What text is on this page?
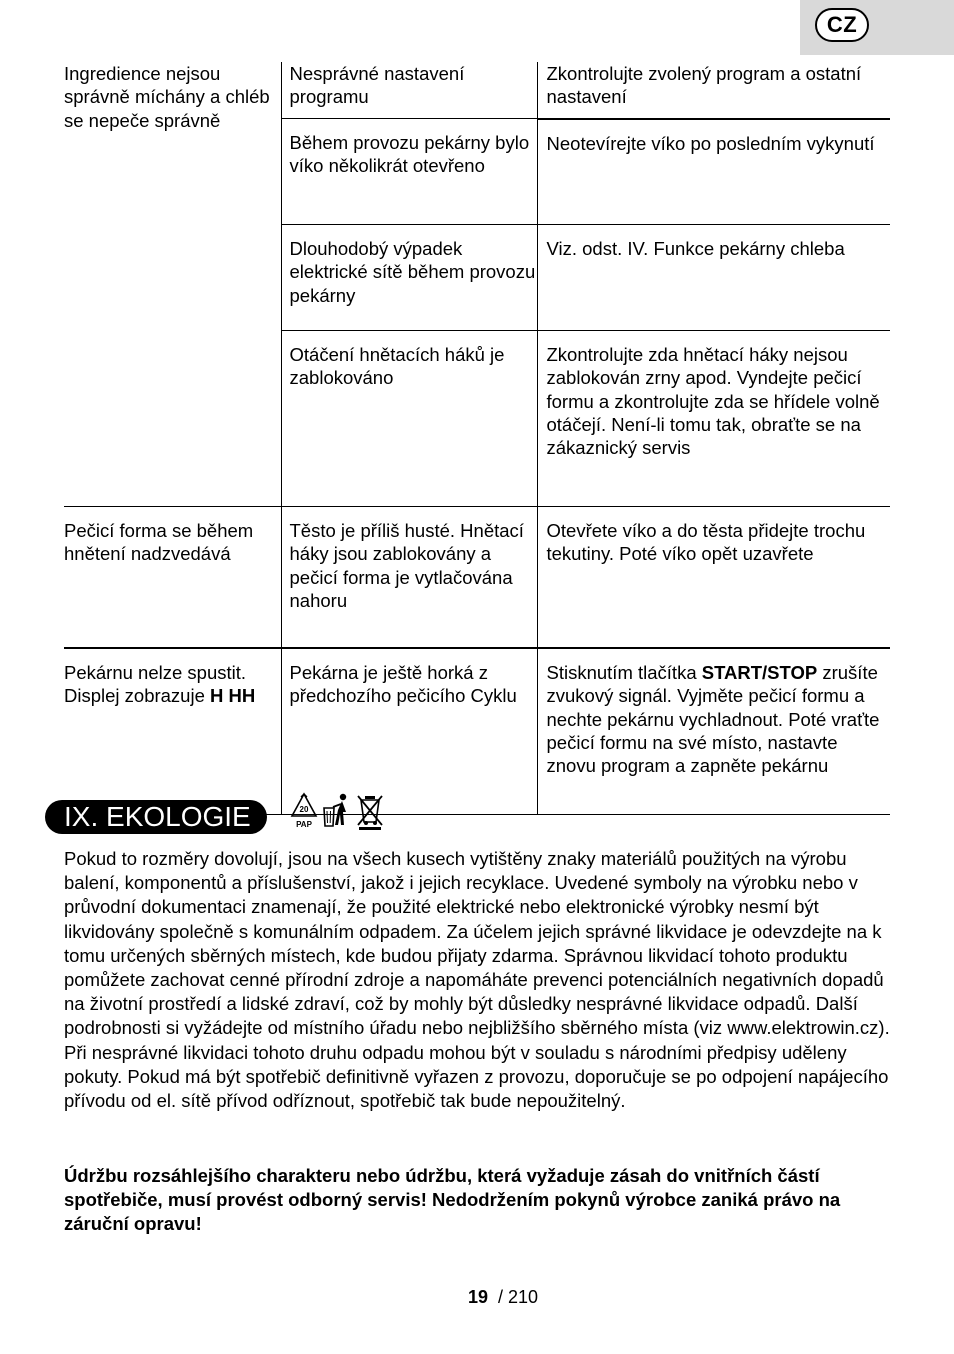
CZ
Ingredience nejsou správně míchány a chléb se nepeče správně	Nesprávné nastavení programu	Zkontrolujte zvolený program a ostatní nastavení

	Během provozu pekárny bylo víko několikrát otevřeno	Neotevírejte víko po posledním vykynutí

	Dlouhodobý výpadek elektrické sítě během provozu pekárny	Viz. odst. IV. Funkce pekárny chleba

	Otáčení hnětacích háků je zablokováno	Zkontrolujte zda hnětací háky nejsou zablokován zrny apod. Vyndejte pečicí formu a zkontrolujte zda se hřídele volně otáčejí. Není-li tomu tak, obraťte se na zákaznický servis

Pečicí forma se během hnětení nadzvedává	Těsto je příliš husté. Hnětací háky jsou zablokovány a pečicí forma je vytlačována nahoru	Otevřete víko a do těsta přidejte trochu tekutiny. Poté víko opět uzavřete

Pekárnu nelze spustit. Displej zobrazuje H HH	Pekárna je ještě horká z předchozího pečicího Cyklu	Stisknutím tlačítka START/STOP zrušíte zvukový signál. Vyjměte pečicí formu a nechte pekárnu vychladnout. Poté vraťte pečicí formu na své místo, nastavte znovu program a zapněte pekárnu
IX. EKOLOGIE	20
PAP

Pokud to rozměry dovolují, jsou na všech kusech vytištěny znaky materiálů použitých na výrobu balení, komponentů a příslušenství, jakož i jejich recyklace. Uvedené symboly na výrobku nebo v průvodní dokumentaci znamenají, že použité elektrické nebo elektronické výrobky nesmí být likvidovány společně s komunálním odpadem. Za účelem jejich správné likvidace je odevzdejte na k tomu určených sběrných místech, kde budou přijaty zdarma. Správnou likvidací tohoto produktu pomůžete zachovat cenné přírodní zdroje a napomáháte prevenci potenciálních negativních dopadů na životní prostředí a lidské zdraví, což by mohly být důsledky nesprávné likvidace odpadů. Další podrobnosti si vyžádejte od místního úřadu nebo nejbližšího sběrného místa (viz www.elektrowin.cz). Při nesprávné likvidaci tohoto druhu odpadu mohou být v souladu s národními předpisy uděleny pokuty. Pokud má být spotřebič definitivně vyřazen z provozu, doporučuje se po odpojení napájecího přívodu od el. sítě přívod odříznout, spotřebič tak bude nepoužitelný.

Údržbu rozsáhlejšího charakteru nebo údržbu, která vyžaduje zásah do vnitřních částí spotřebiče, musí provést odborný servis! Nedodržením pokynů výrobce zaniká právo na záruční opravu!
19 / 210
